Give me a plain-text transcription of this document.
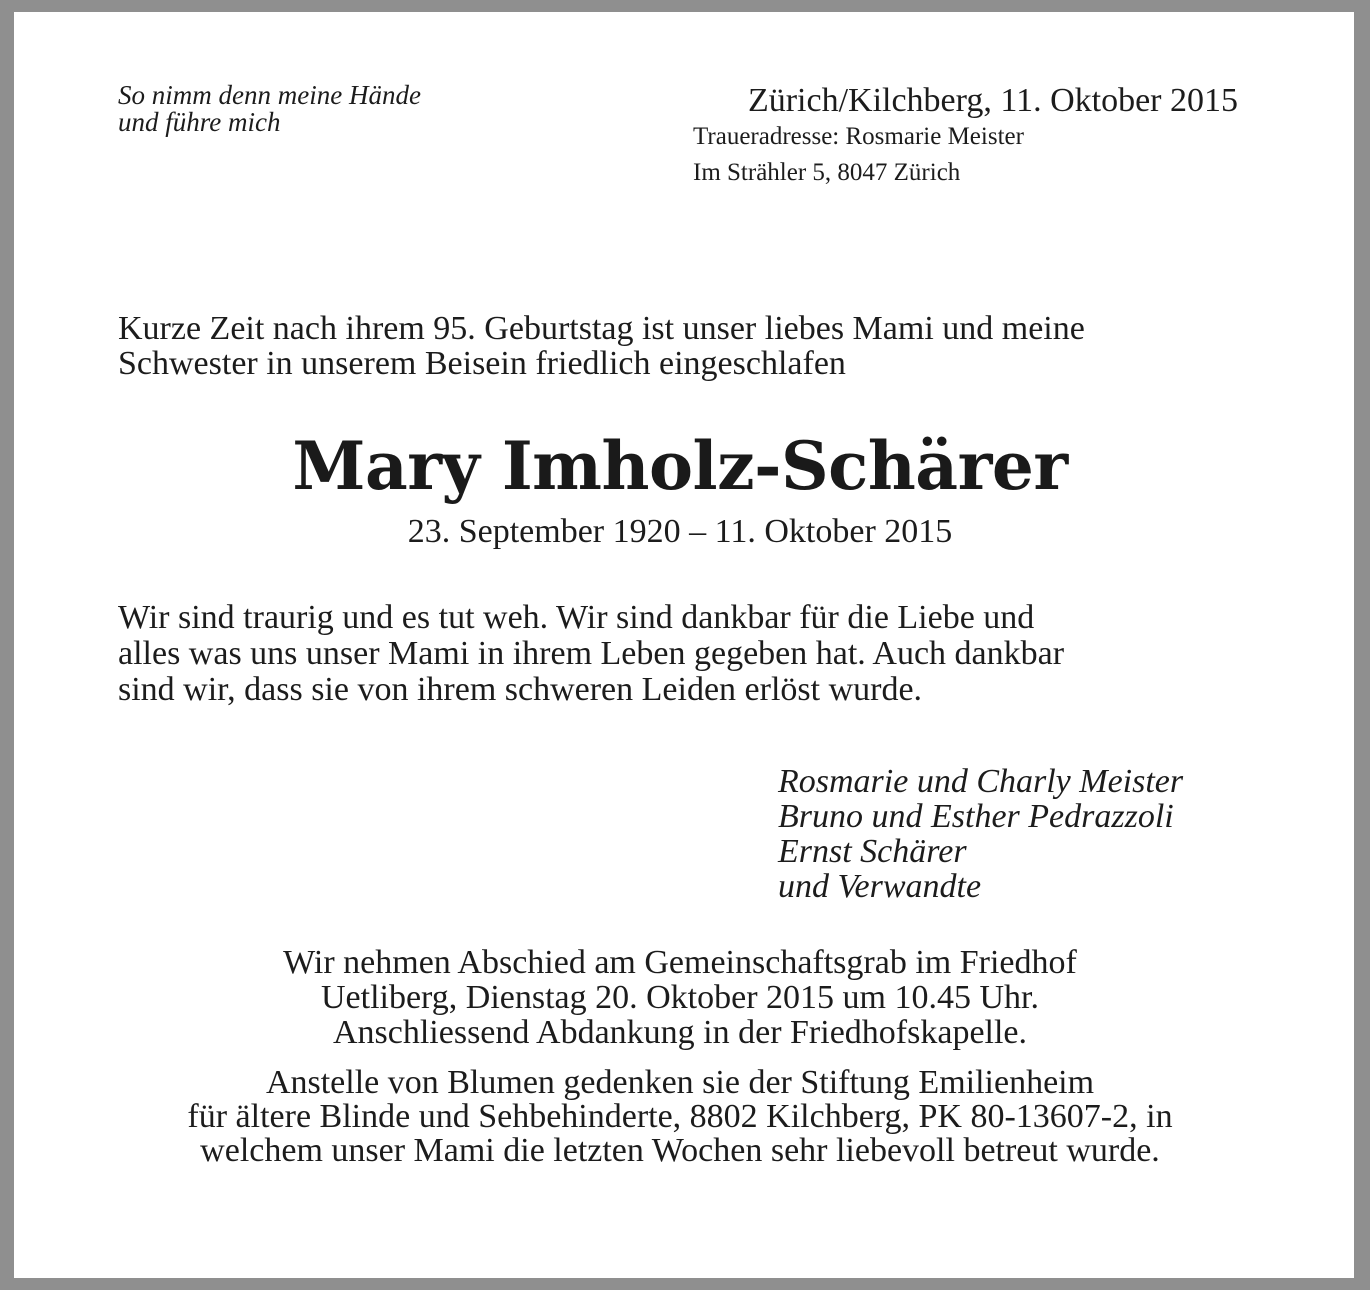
So nimm denn meine Hände
und führe mich
Zürich/Kilchberg, 11. Oktober 2015
Traueradresse: Rosmarie Meister
Im Strähler 5, 8047 Zürich
Kurze Zeit nach ihrem 95. Geburtstag ist unser liebes Mami und meine
Schwester in unserem Beisein friedlich eingeschlafen
Mary Imholz-Schärer
23. September 1920 – 11. Oktober 2015
Wir sind traurig und es tut weh. Wir sind dankbar für die Liebe und
alles was uns unser Mami in ihrem Leben gegeben hat. Auch dankbar
sind wir, dass sie von ihrem schweren Leiden erlöst wurde.
Rosmarie und Charly Meister
Bruno und Esther Pedrazzoli
Ernst Schärer
und Verwandte
Wir nehmen Abschied am Gemeinschaftsgrab im Friedhof
Uetliberg, Dienstag 20. Oktober 2015 um 10.45 Uhr.
Anschliessend Abdankung in der Friedhofskapelle.
Anstelle von Blumen gedenken sie der Stiftung Emilienheim
für ältere Blinde und Sehbehinderte, 8802 Kilchberg, PK 80-13607-2, in
welchem unser Mami die letzten Wochen sehr liebevoll betreut wurde.
